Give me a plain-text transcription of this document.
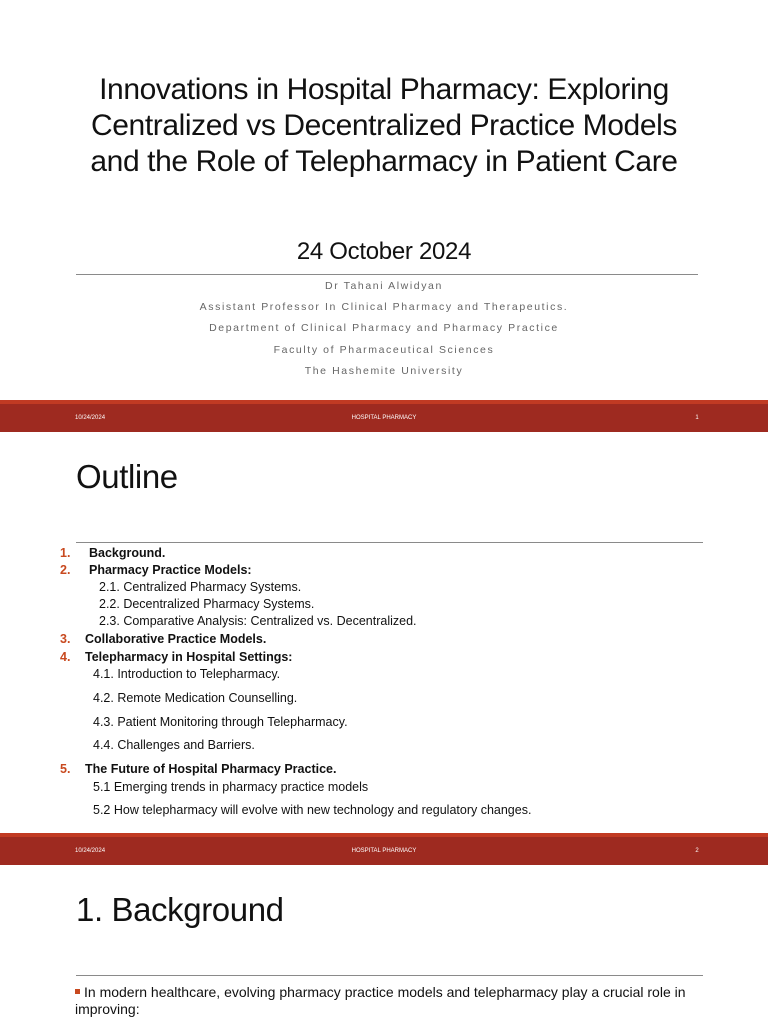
Innovations in Hospital Pharmacy: Exploring
Centralized vs Decentralized Practice Models
and the Role of Telepharmacy in Patient Care
24 October 2024
Dr Tahani Alwidyan
Assistant Professor In Clinical Pharmacy and Therapeutics.
Department of Clinical Pharmacy and Pharmacy Practice
Faculty of Pharmaceutical Sciences
The Hashemite University
10/24/2024	HOSPITAL PHARMACY	1
Outline
1. Background.
2. Pharmacy Practice Models:
2.1. Centralized Pharmacy Systems.
2.2. Decentralized Pharmacy Systems.
2.3. Comparative Analysis: Centralized vs. Decentralized.
3. Collaborative Practice Models.
4. Telepharmacy in Hospital Settings:
4.1. Introduction to Telepharmacy.
4.2. Remote Medication Counselling.
4.3. Patient Monitoring through Telepharmacy.
4.4. Challenges and Barriers.
5. The Future of Hospital Pharmacy Practice.
5.1 Emerging trends in pharmacy practice models
5.2 How telepharmacy will evolve with new technology and regulatory changes.
10/24/2024	HOSPITAL PHARMACY	2
1. Background
In modern healthcare, evolving pharmacy practice models and telepharmacy play a crucial role in improving:
